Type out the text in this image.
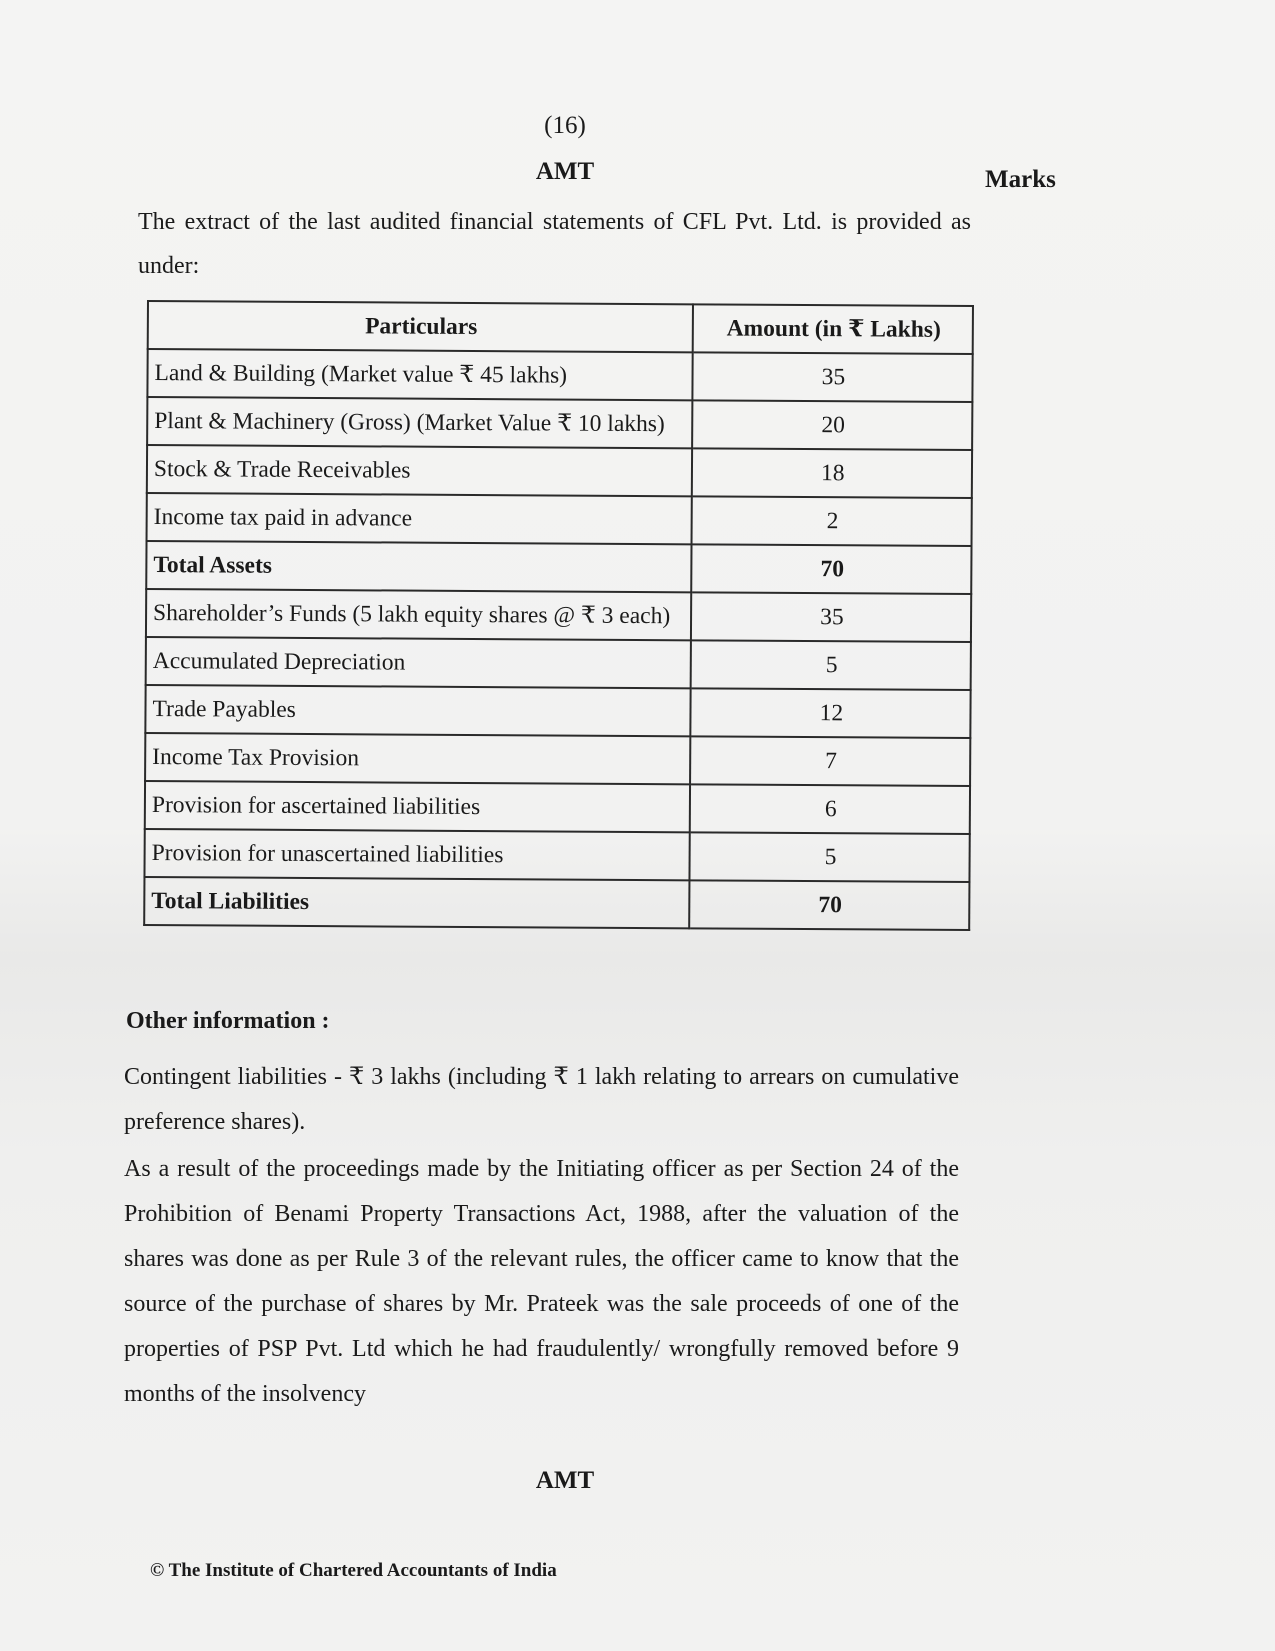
(16)
AMT	Marks
The extract of the last audited financial statements of CFL Pvt. Ltd. is provided as under:
Particulars	Amount (in ₹ Lakhs)
Land & Building (Market value ₹ 45 lakhs)	35
Plant & Machinery (Gross) (Market Value ₹ 10 lakhs)	20
Stock & Trade Receivables	18
Income tax paid in advance	2
Total Assets	70
Shareholder’s Funds (5 lakh equity shares @ ₹ 3 each)	35
Accumulated Depreciation	5
Trade Payables	12
Income Tax Provision	7
Provision for ascertained liabilities	6
Provision for unascertained liabilities	5
Total Liabilities	70
Other information :
Contingent liabilities - ₹ 3 lakhs (including ₹ 1 lakh relating to arrears on cumulative preference shares).
As a result of the proceedings made by the Initiating officer as per Section 24 of the Prohibition of Benami Property Transactions Act, 1988, after the valuation of the shares was done as per Rule 3 of the relevant rules, the officer came to know that the source of the purchase of shares by Mr. Prateek was the sale proceeds of one of the properties of PSP Pvt. Ltd which he had fraudulently/ wrongfully removed before 9 months of the insolvency
AMT
© The Institute of Chartered Accountants of India
